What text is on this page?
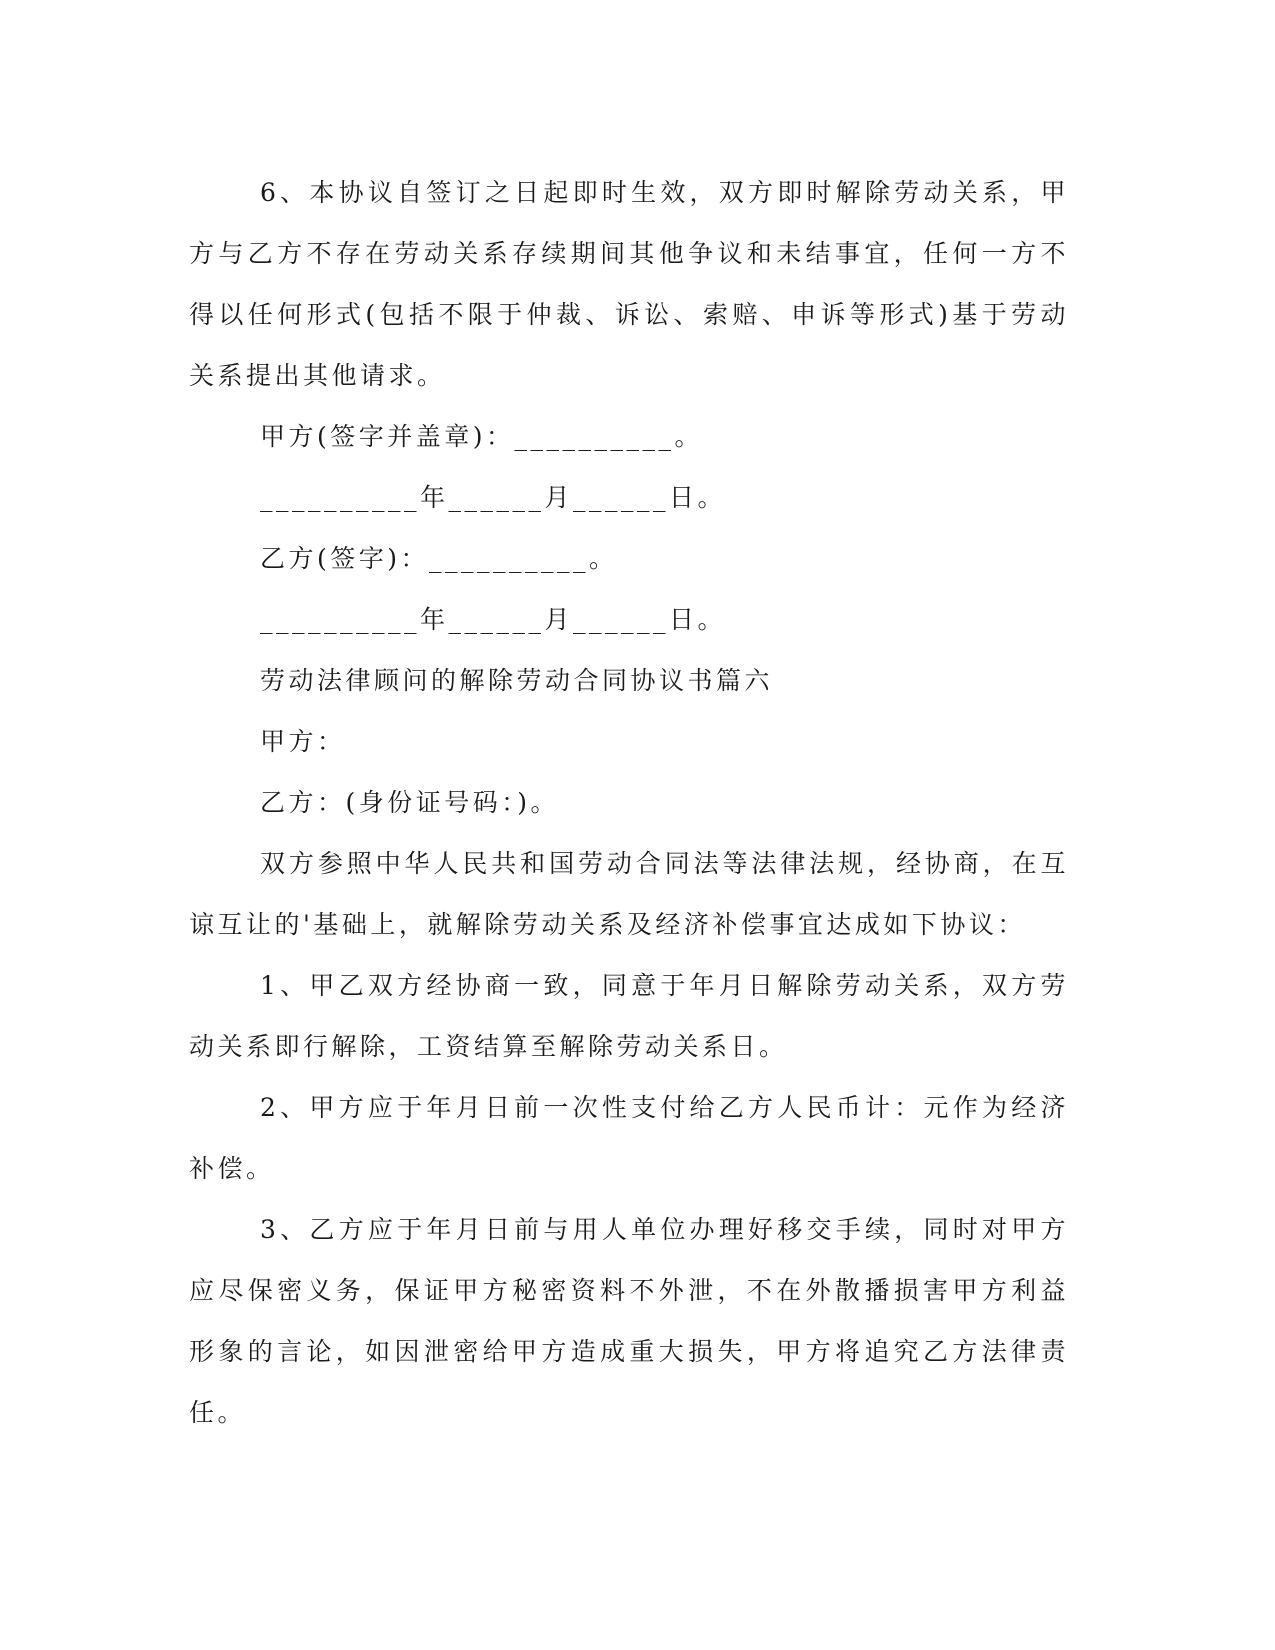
6、本协议自签订之日起即时生效，双方即时解除劳动关系，甲方与乙方不存在劳动关系存续期间其他争议和未结事宜，任何一方不得以任何形式(包括不限于仲裁、诉讼、索赔、申诉等形式)基于劳动关系提出其他请求。

甲方(签字并盖章)：__________。

__________年______月______日。

乙方(签字)：__________。

__________年______月______日。

劳动法律顾问的解除劳动合同协议书篇六

甲方：

乙方：(身份证号码：)。

双方参照中华人民共和国劳动合同法等法律法规，经协商，在互谅互让的'基础上，就解除劳动关系及经济补偿事宜达成如下协议：

1、甲乙双方经协商一致，同意于年月日解除劳动关系，双方劳动关系即行解除，工资结算至解除劳动关系日。

2、甲方应于年月日前一次性支付给乙方人民币计：元作为经济补偿。

3、乙方应于年月日前与用人单位办理好移交手续，同时对甲方应尽保密义务，保证甲方秘密资料不外泄，不在外散播损害甲方利益形象的言论，如因泄密给甲方造成重大损失，甲方将追究乙方法律责任。
